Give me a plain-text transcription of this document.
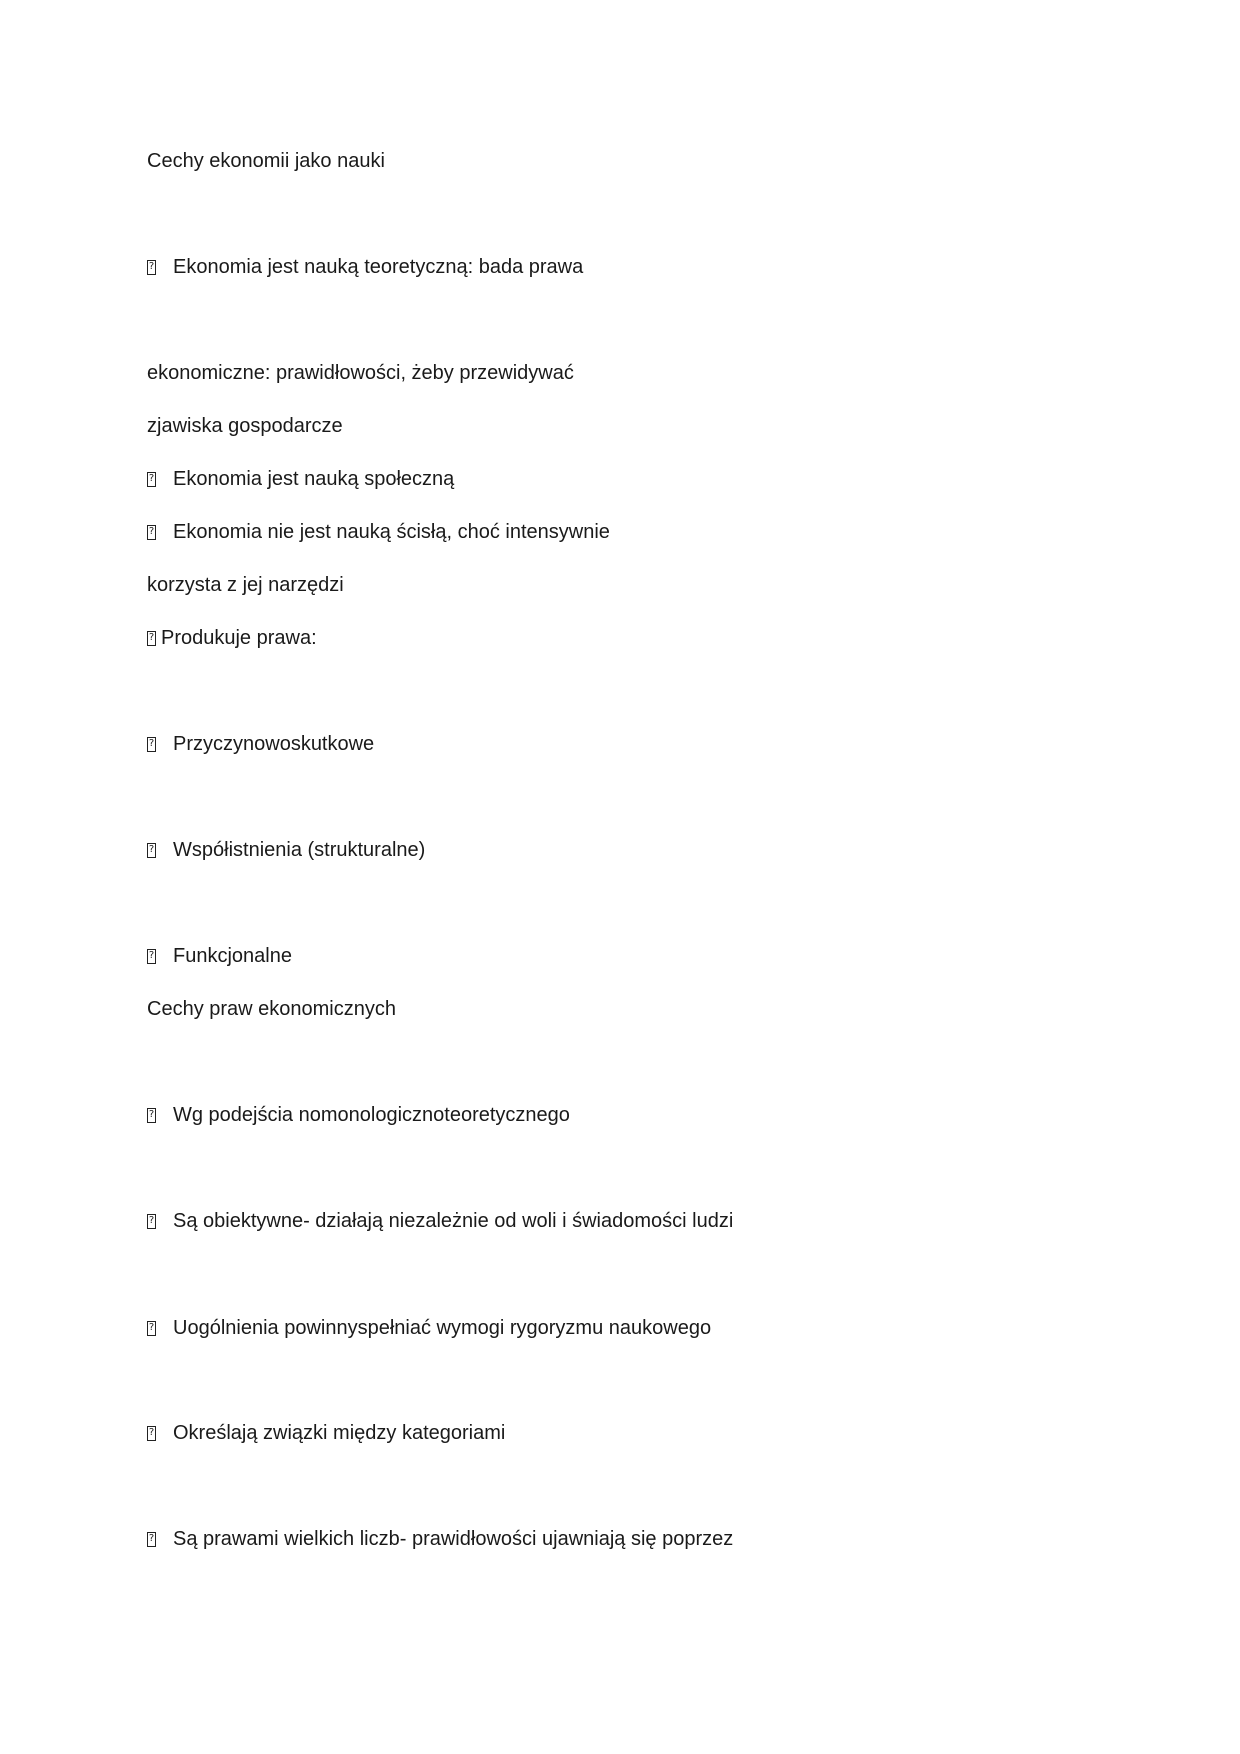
Cechy ekonomii jako nauki
?
Ekonomia jest nauką teoretyczną: bada prawa
ekonomiczne: prawidłowości, żeby przewidywać
zjawiska gospodarcze
?
Ekonomia jest nauką społeczną
?
Ekonomia nie jest nauką ścisłą, choć intensywnie
korzysta z jej narzędzi
?
Produkuje prawa:
?
Przyczynowoskutkowe
?
Współistnienia (strukturalne)
?
Funkcjonalne
Cechy praw ekonomicznych
?
Wg podejścia nomonologicznoteoretycznego
?
Są obiektywne- działają niezależnie od woli i świadomości ludzi
?
Uogólnienia powinnyspełniać wymogi rygoryzmu naukowego
?
Określają związki między kategoriami
?
Są prawami wielkich liczb- prawidłowości ujawniają się poprzez
